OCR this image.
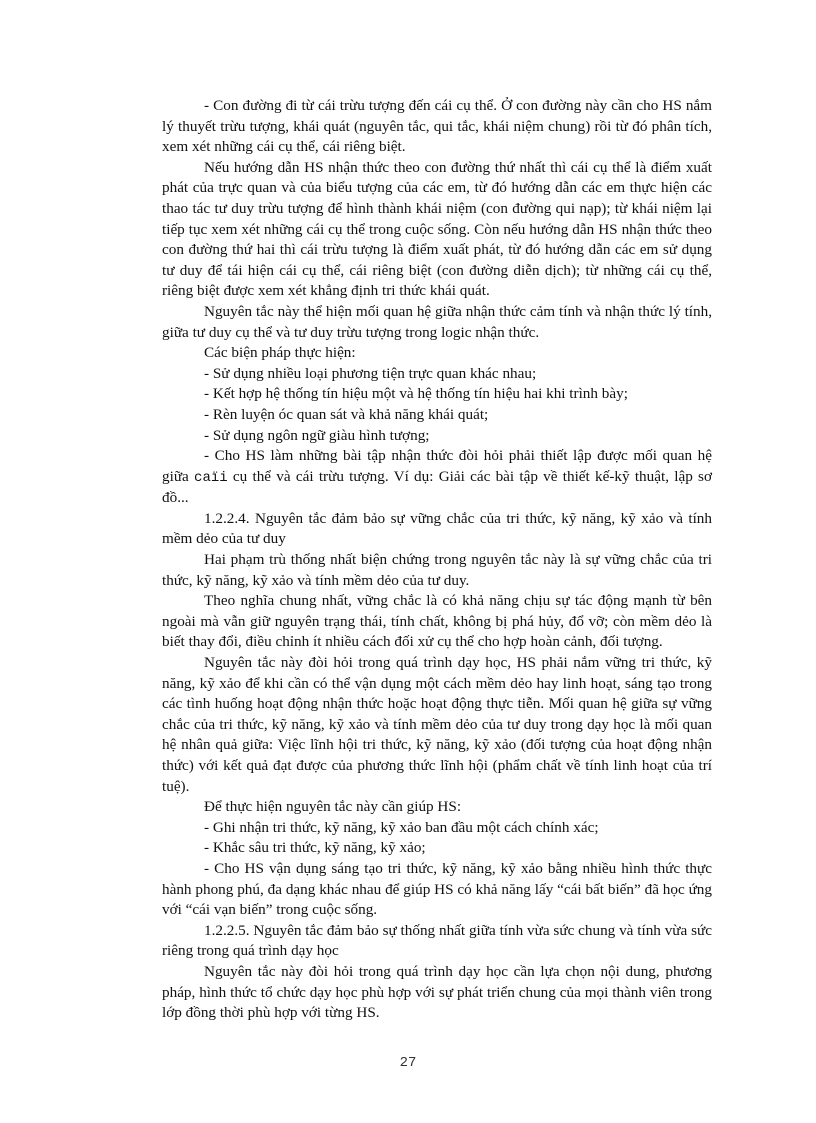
- Con đường đi từ cái trừu tượng đến cái cụ thể. Ở con đường này cần cho HS nắm lý thuyết trừu tượng, khái quát (nguyên tắc, qui tắc, khái niệm chung) rồi từ đó phân tích, xem xét những cái cụ thể, cái riêng biệt.

Nếu hướng dẫn HS nhận thức theo con đường thứ nhất thì cái cụ thể là điểm xuất phát của trực quan và của biểu tượng của các em, từ đó hướng dẫn các em thực hiện các thao tác tư duy trừu tượng để hình thành khái niệm (con đường qui nạp); từ khái niệm lại tiếp tục xem xét những cái cụ thể trong cuộc sống. Còn nếu hướng dẫn HS nhận thức theo con đường thứ hai thì cái trừu tượng là điểm xuất phát, từ đó hướng dẫn các em sử dụng tư duy để tái hiện cái cụ thể, cái riêng biệt (con đường diễn dịch); từ những cái cụ thể, riêng biệt được xem xét khẳng định tri thức khái quát.

Nguyên tắc này thể hiện mối quan hệ giữa nhận thức cảm tính và nhận thức lý tính, giữa tư duy cụ thể và tư duy trừu tượng trong logic nhận thức.

Các biện pháp thực hiện:

- Sử dụng nhiều loại phương tiện trực quan khác nhau;

- Kết hợp hệ thống tín hiệu một và hệ thống tín hiệu hai khi trình bày;

- Rèn luyện óc quan sát và khả năng khái quát;

- Sử dụng ngôn ngữ giàu hình tượng;

- Cho HS làm những bài tập nhận thức đòi hỏi phải thiết lập được mối quan hệ giữa caïi cụ thể và cái trừu tượng. Ví dụ: Giải các bài tập về thiết kế-kỹ thuật, lập sơ đồ...

1.2.2.4. Nguyên tắc đảm bảo sự vững chắc của tri thức, kỹ năng, kỹ xảo và tính mềm dẻo của tư duy

Hai phạm trù thống nhất biện chứng trong nguyên tắc này là sự vững chắc của tri thức, kỹ năng, kỹ xảo và tính mềm dẻo của tư duy.

Theo nghĩa chung nhất, vững chắc là có khả năng chịu sự tác động mạnh từ bên ngoài mà vẫn giữ nguyên trạng thái, tính chất, không bị phá hủy, đổ vỡ; còn mềm dẻo là biết thay đổi, điều chỉnh ít nhiều cách đối xử cụ thể cho hợp hoàn cảnh, đối tượng.

Nguyên tắc này đòi hỏi trong quá trình dạy học, HS phải nắm vững tri thức, kỹ năng, kỹ xảo để khi cần có thể vận dụng một cách mềm dẻo hay linh hoạt, sáng tạo trong các tình huống hoạt động nhận thức hoặc hoạt động thực tiễn. Mối quan hệ giữa sự vững chắc của tri thức, kỹ năng, kỹ xảo và tính mềm dẻo của tư duy trong dạy học là mối quan hệ nhân quả giữa: Việc lĩnh hội tri thức, kỹ năng, kỹ xảo (đối tượng của hoạt động nhận thức) với kết quả đạt được của phương thức lĩnh hội (phẩm chất về tính linh hoạt của trí tuệ).

Để thực hiện nguyên tắc này cần giúp HS:

- Ghi nhận tri thức, kỹ năng, kỹ xảo ban đầu một cách chính xác;

- Khắc sâu tri thức, kỹ năng, kỹ xảo;

- Cho HS vận dụng sáng tạo tri thức, kỹ năng, kỹ xảo bằng nhiều hình thức thực hành phong phú, đa dạng khác nhau để giúp HS có khả năng lấy “cái bất biến” đã học ứng với “cái vạn biến” trong cuộc sống.

1.2.2.5. Nguyên tắc đảm bảo sự thống nhất giữa tính vừa sức chung và tính vừa sức riêng trong quá trình dạy học

Nguyên tắc này đòi hỏi trong quá trình dạy học cần lựa chọn nội dung, phương pháp, hình thức tổ chức dạy học phù hợp với sự phát triển chung của mọi thành viên trong lớp đồng thời phù hợp với từng HS.

27
